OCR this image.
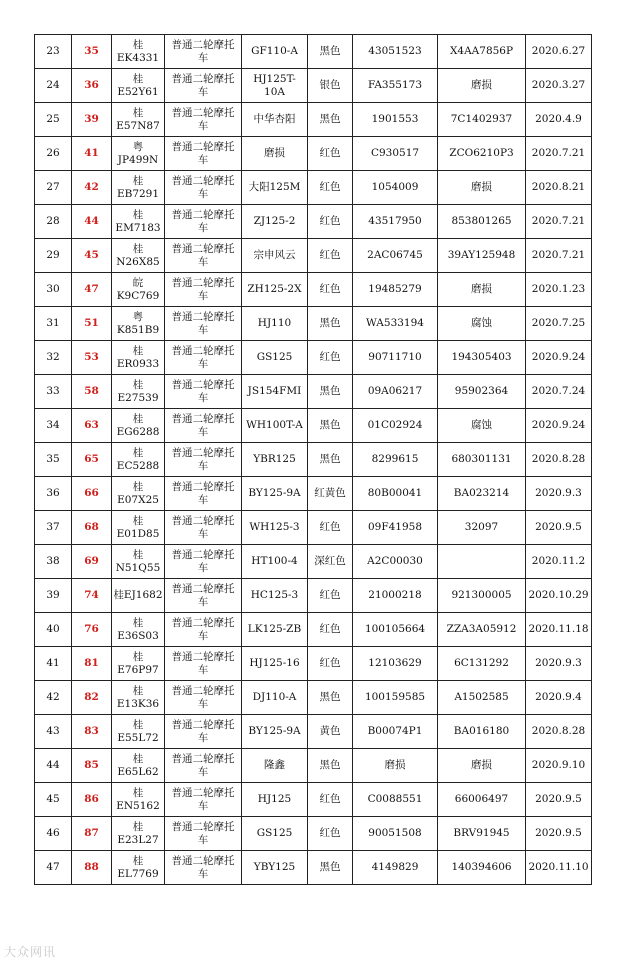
23	35	桂
EK4331	普通二轮摩托
车	GF110-A	黑色	43051523	X4AA7856P	2020.6.27
24	36	桂
E52Y61	普通二轮摩托
车	HJ125T-
10A	银色	FA355173	磨损	2020.3.27
25	39	桂
E57N87	普通二轮摩托
车	中华杏阳	黑色	1901553	7C1402937	2020.4.9
26	41	粤
JP499N	普通二轮摩托
车	磨损	红色	C930517	ZCO6210P3	2020.7.21
27	42	桂
EB7291	普通二轮摩托
车	大阳125M	红色	1054009	磨损	2020.8.21
28	44	桂
EM7183	普通二轮摩托
车	ZJ125-2	红色	43517950	853801265	2020.7.21
29	45	桂
N26X85	普通二轮摩托
车	宗申风云	红色	2AC06745	39AY125948	2020.7.21
30	47	皖
K9C769	普通二轮摩托
车	ZH125-2X	红色	19485279	磨损	2020.1.23
31	51	粤
K851B9	普通二轮摩托
车	HJ110	黑色	WA533194	腐蚀	2020.7.25
32	53	桂
ER0933	普通二轮摩托
车	GS125	红色	90711710	194305403	2020.9.24
33	58	桂
E27539	普通二轮摩托
车	JS154FMI	黑色	09A06217	95902364	2020.7.24
34	63	桂
EG6288	普通二轮摩托
车	WH100T-A	黑色	01C02924	腐蚀	2020.9.24
35	65	桂
EC5288	普通二轮摩托
车	YBR125	黑色	8299615	680301131	2020.8.28
36	66	桂
E07X25	普通二轮摩托
车	BY125-9A	红黄色	80B00041	BA023214	2020.9.3
37	68	桂
E01D85	普通二轮摩托
车	WH125-3	红色	09F41958	32097	2020.9.5
38	69	桂
N51Q55	普通二轮摩托
车	HT100-4	深红色	A2C00030		2020.11.2
39	74	桂EJ1682	普通二轮摩托
车	HC125-3	红色	21000218	921300005	2020.10.29
40	76	桂
E36S03	普通二轮摩托
车	LK125-ZB	红色	100105664	ZZA3A05912	2020.11.18
41	81	桂
E76P97	普通二轮摩托
车	HJ125-16	红色	12103629	6C131292	2020.9.3
42	82	桂
E13K36	普通二轮摩托
车	DJ110-A	黑色	100159585	A1502585	2020.9.4
43	83	桂
E55L72	普通二轮摩托
车	BY125-9A	黄色	B00074P1	BA016180	2020.8.28
44	85	桂
E65L62	普通二轮摩托
车	隆鑫	黑色	磨损	磨损	2020.9.10
45	86	桂
EN5162	普通二轮摩托
车	HJ125	红色	C0088551	66006497	2020.9.5
46	87	桂
E23L27	普通二轮摩托
车	GS125	红色	90051508	BRV91945	2020.9.5
47	88	桂
EL7769	普通二轮摩托
车	YBY125	黑色	4149829	140394606	2020.11.10
大众网讯
